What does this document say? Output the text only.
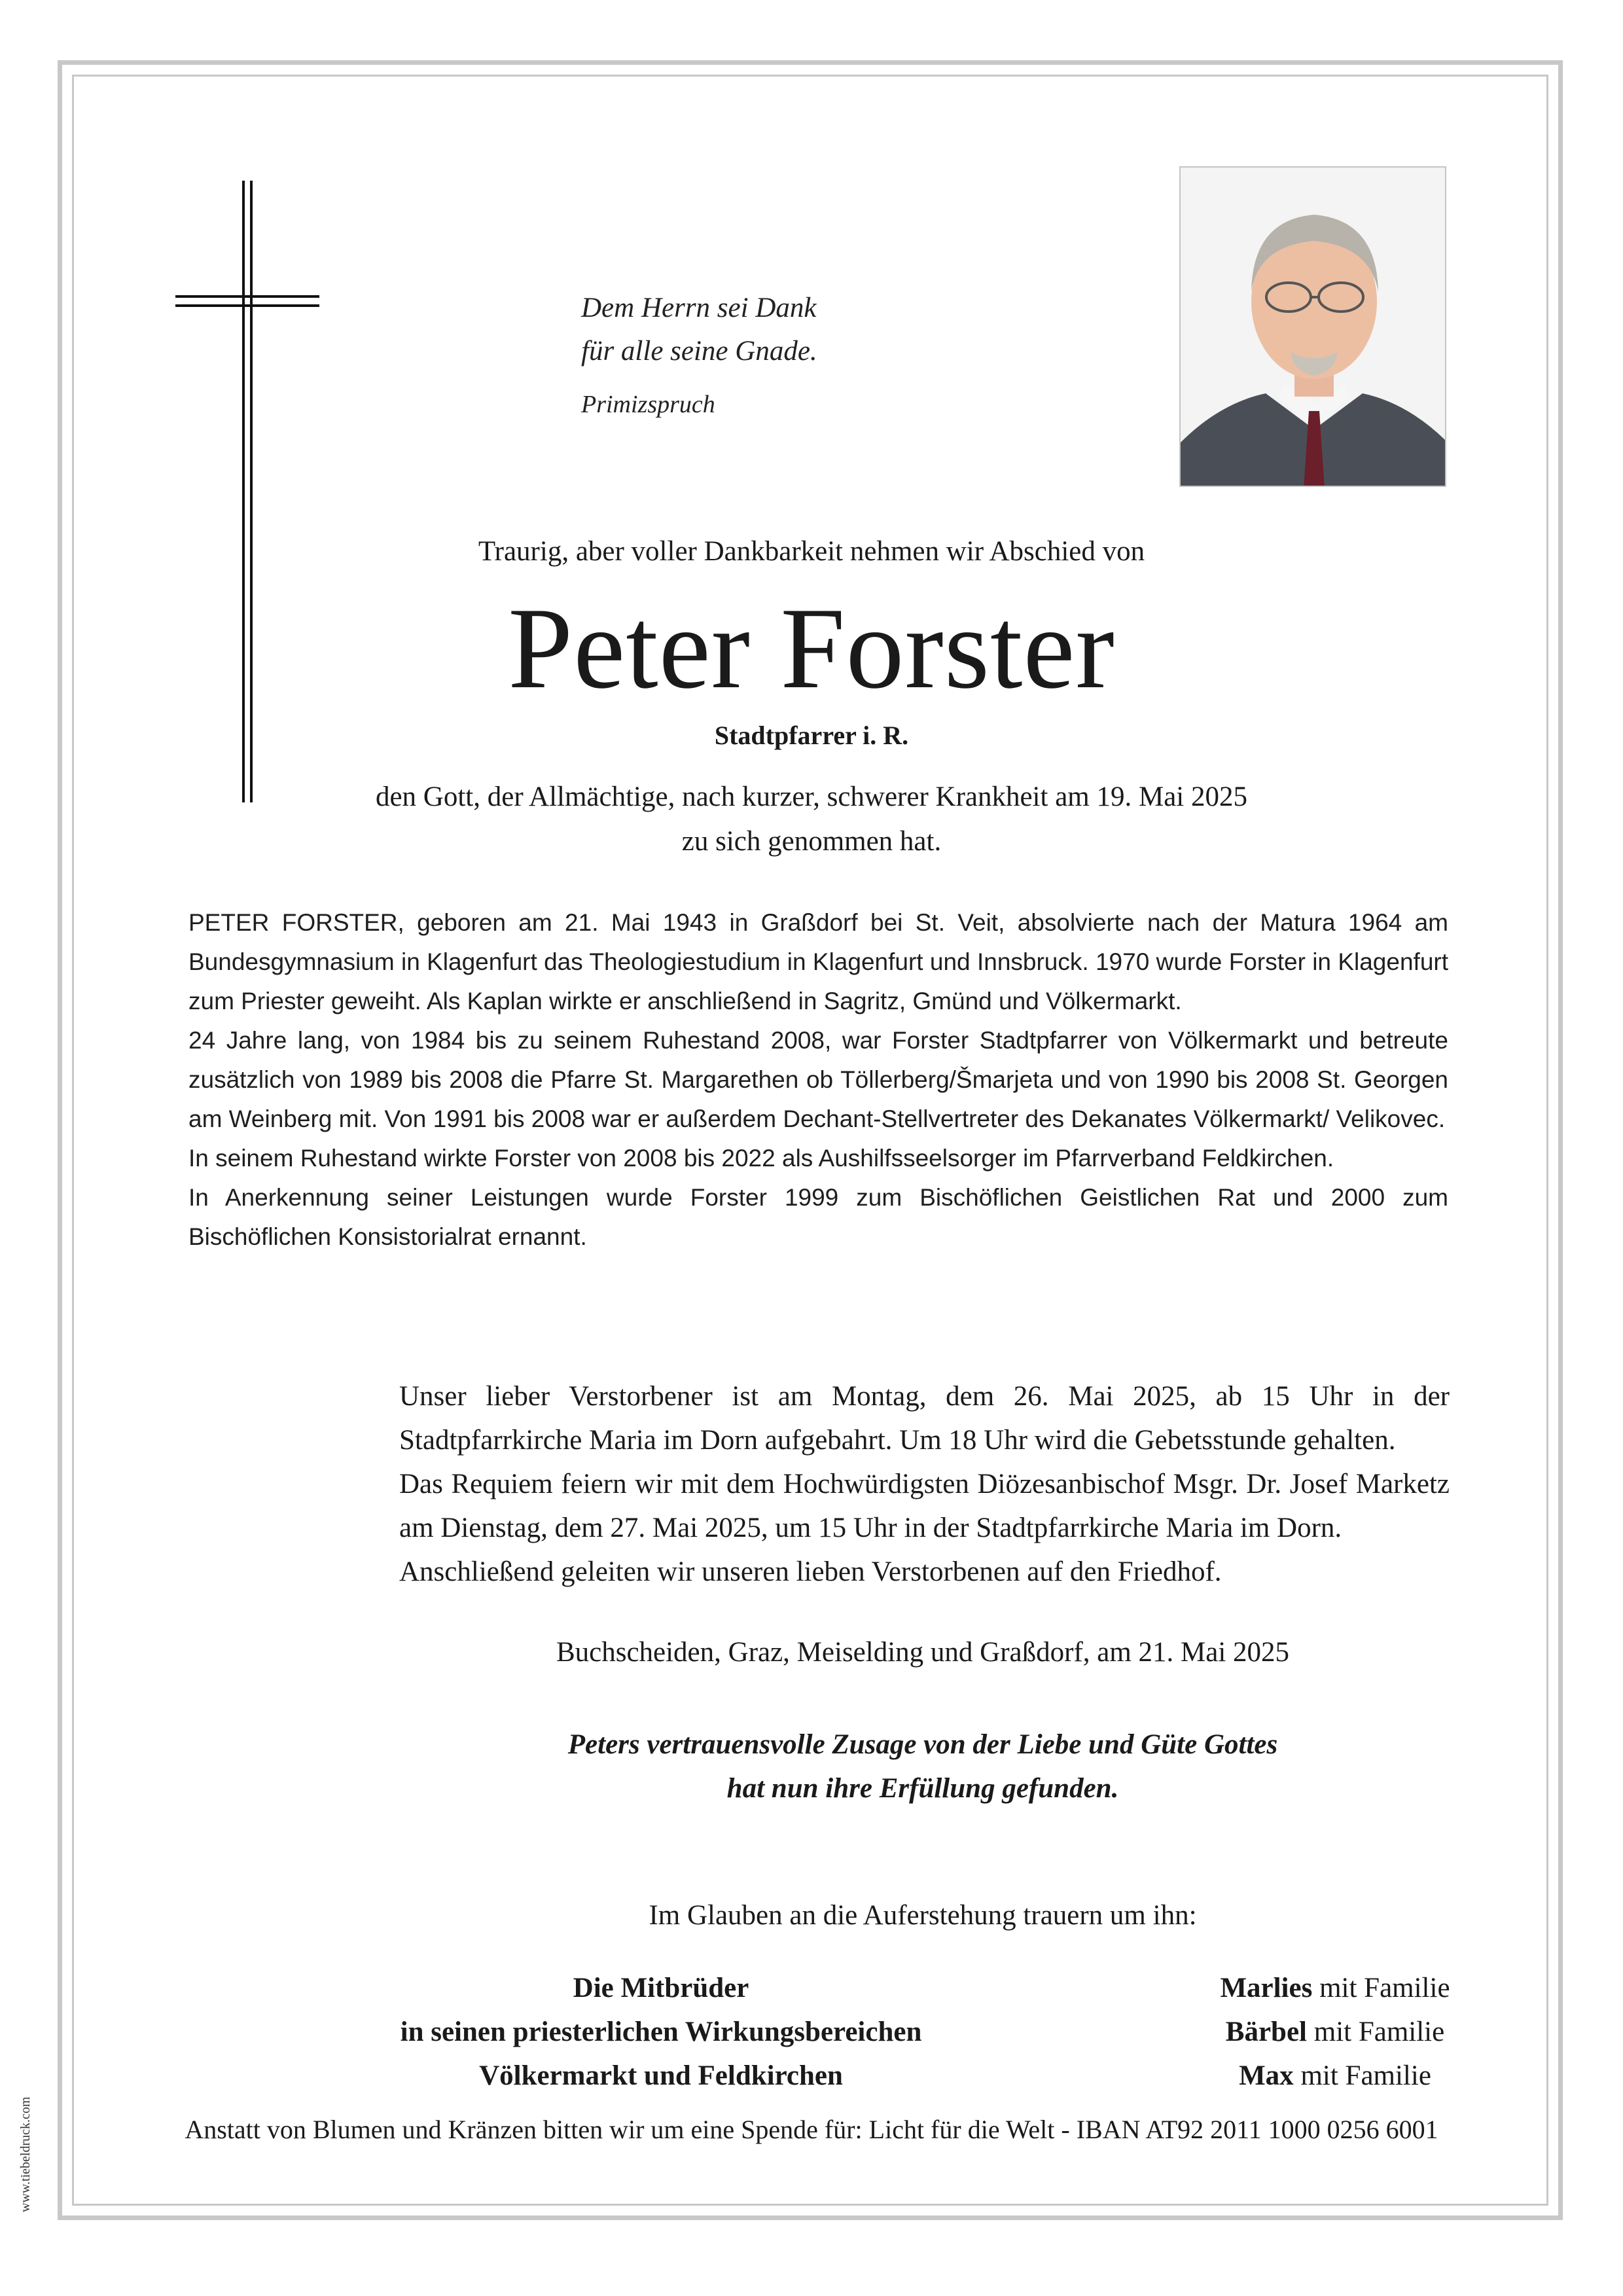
Dem Herrn sei Dank
für alle seine Gnade.
Primizspruch
Traurig, aber voller Dankbarkeit nehmen wir Abschied von
Peter Forster
Stadtpfarrer i. R.
den Gott, der Allmächtige, nach kurzer, schwerer Krankheit am 19. Mai 2025
zu sich genommen hat.

PETER FORSTER, geboren am 21. Mai 1943 in Graßdorf bei St. Veit, absolvierte nach der Matura 1964 am Bundesgymnasium in Klagenfurt das Theologiestudium in Klagenfurt und Innsbruck. 1970 wurde Forster in Klagenfurt zum Priester geweiht. Als Kaplan wirkte er anschließend in Sagritz, Gmünd und Völkermarkt.

24 Jahre lang, von 1984 bis zu seinem Ruhestand 2008, war Forster Stadtpfarrer von Völkermarkt und betreute zusätzlich von 1989 bis 2008 die Pfarre St. Margarethen ob Töllerberg/Šmarjeta und von 1990 bis 2008 St. Georgen am Weinberg mit. Von 1991 bis 2008 war er außerdem Dechant-Stellvertreter des Dekanates Völkermarkt/ Velikovec.

In seinem Ruhestand wirkte Forster von 2008 bis 2022 als Aushilfsseelsorger im Pfarrverband Feldkirchen.

In Anerkennung seiner Leistungen wurde Forster 1999 zum Bischöflichen Geistlichen Rat und 2000 zum Bischöflichen Konsistorialrat ernannt.

Unser lieber Verstorbener ist am Montag, dem 26. Mai 2025, ab 15 Uhr in der Stadtpfarrkirche Maria im Dorn aufgebahrt. Um 18 Uhr wird die Gebetsstunde gehalten.

Das Requiem feiern wir mit dem Hochwürdigsten Diözesanbischof Msgr. Dr. Josef Marketz am Dienstag, dem 27. Mai 2025, um 15 Uhr in der Stadtpfarrkirche Maria im Dorn.

Anschließend geleiten wir unseren lieben Verstorbenen auf den Friedhof.

Buchscheiden, Graz, Meiselding und Graßdorf, am 21. Mai 2025
Peters vertrauensvolle Zusage von der Liebe und Güte Gottes
hat nun ihre Erfüllung gefunden.
Im Glauben an die Auferstehung trauern um ihn:
Die Mitbrüder
in seinen priesterlichen Wirkungsbereichen
Völkermarkt und Feldkirchen
Marlies mit Familie
Bärbel mit Familie
Max mit Familie
Anstatt von Blumen und Kränzen bitten wir um eine Spende für: Licht für die Welt - IBAN AT92 2011 1000 0256 6001
www.tiebeldruck.com
